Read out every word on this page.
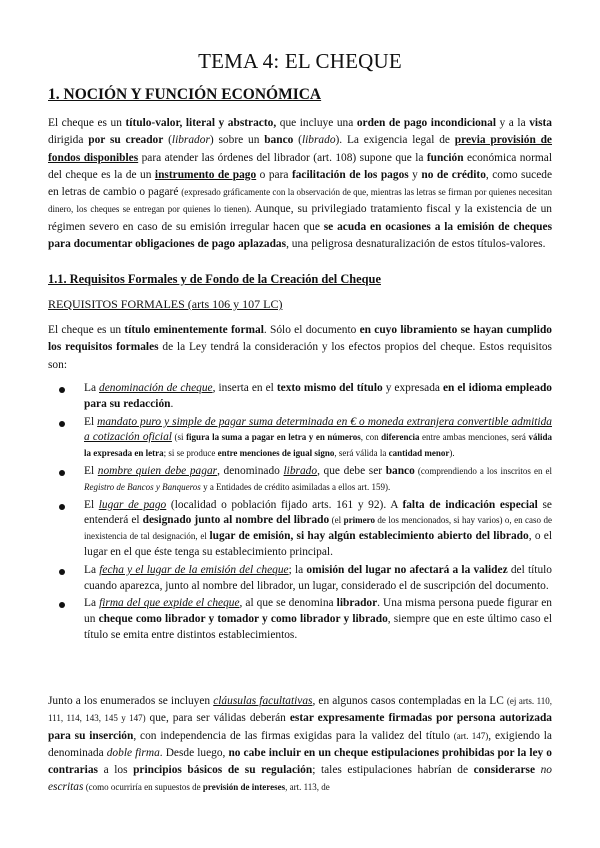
TEMA 4: EL CHEQUE
1. NOCIÓN Y FUNCIÓN ECONÓMICA
El cheque es un título-valor, literal y abstracto, que incluye una orden de pago incondicional y a la vista dirigida por su creador (librador) sobre un banco (librado). La exigencia legal de previa provisión de fondos disponibles para atender las órdenes del librador (art. 108) supone que la función económica normal del cheque es la de un instrumento de pago o para facilitación de los pagos y no de crédito, como sucede en letras de cambio o pagaré (expresado gráficamente con la observación de que, mientras las letras se firman por quienes necesitan dinero, los cheques se entregan por quienes lo tienen). Aunque, su privilegiado tratamiento fiscal y la existencia de un régimen severo en caso de su emisión irregular hacen que se acuda en ocasiones a la emisión de cheques para documentar obligaciones de pago aplazadas, una peligrosa desnaturalización de estos títulos-valores.
1.1. Requisitos Formales y de Fondo de la Creación del Cheque
REQUISITOS FORMALES (arts 106 y 107 LC)
El cheque es un título eminentemente formal. Sólo el documento en cuyo libramiento se hayan cumplido los requisitos formales de la Ley tendrá la consideración y los efectos propios del cheque. Estos requisitos son:
La denominación de cheque, inserta en el texto mismo del título y expresada en el idioma empleado para su redacción.
El mandato puro y simple de pagar suma determinada en € o moneda extranjera convertible admitida a cotización oficial (si figura la suma a pagar en letra y en números, con diferencia entre ambas menciones, será válida la expresada en letra; si se produce entre menciones de igual signo, será válida la cantidad menor).
El nombre quien debe pagar, denominado librado, que debe ser banco (comprendiendo a los inscritos en el Registro de Bancos y Banqueros y a Entidades de crédito asimiladas a ellos art. 159).
El lugar de pago (localidad o población fijado arts. 161 y 92). A falta de indicación especial se entenderá el designado junto al nombre del librado (el primero de los mencionados, si hay varios) o, en caso de inexistencia de tal designación, el lugar de emisión, si hay algún establecimiento abierto del librado, o el lugar en el que éste tenga su establecimiento principal.
La fecha y el lugar de la emisión del cheque; la omisión del lugar no afectará a la validez del título cuando aparezca, junto al nombre del librador, un lugar, considerado el de suscripción del documento.
La firma del que expide el cheque, al que se denomina librador. Una misma persona puede figurar en un cheque como librador y tomador y como librador y librado, siempre que en este último caso el título se emita entre distintos establecimientos.
Junto a los enumerados se incluyen cláusulas facultativas, en algunos casos contempladas en la LC (ej arts. 110, 111, 114, 143, 145 y 147) que, para ser válidas deberán estar expresamente firmadas por persona autorizada para su inserción, con independencia de las firmas exigidas para la validez del título (art. 147), exigiendo la denominada doble firma. Desde luego, no cabe incluir en un cheque estipulaciones prohibidas por la ley o contrarias a los principios básicos de su regulación; tales estipulaciones habrían de considerarse no escritas (como ocurriría en supuestos de previsión de intereses, art. 113, de
